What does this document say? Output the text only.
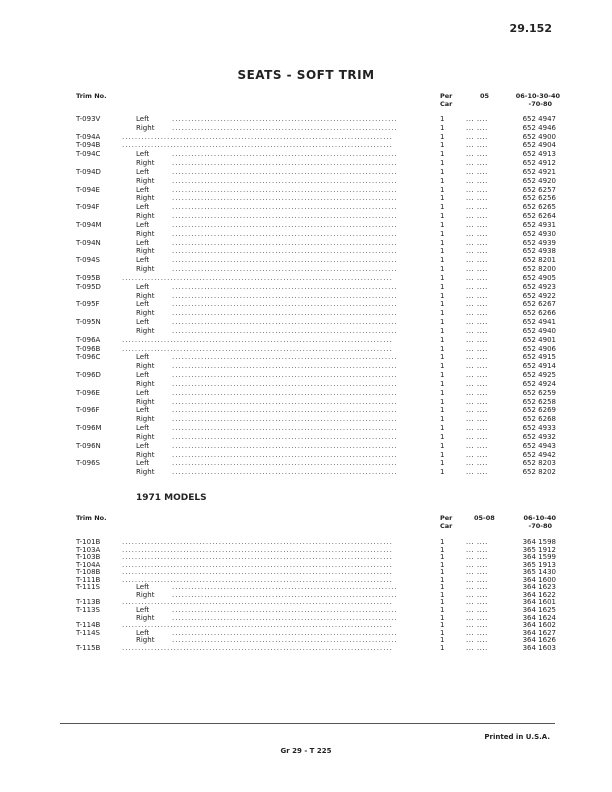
29.152
SEATS - SOFT TRIM
Trim No.	Per
Car
05	06-10-30-40
-70-80
T-093V	Left	......................................................................	1	... ....	652 4947
Right	......................................................................	1	... ....	652 4946
T-094A	....................................................................................	1	... ....	652 4900
T-094B	....................................................................................	1	... ....	652 4904
T-094C	Left	......................................................................	1	... ....	652 4913
Right	......................................................................	1	... ....	652 4912
T-094D	Left	......................................................................	1	... ....	652 4921
Right	......................................................................	1	... ....	652 4920
T-094E	Left	......................................................................	1	... ....	652 6257
Right	......................................................................	1	... ....	652 6256
T-094F	Left	......................................................................	1	... ....	652 6265
Right	......................................................................	1	... ....	652 6264
T-094M	Left	......................................................................	1	... ....	652 4931
Right	......................................................................	1	... ....	652 4930
T-094N	Left	......................................................................	1	... ....	652 4939
Right	......................................................................	1	... ....	652 4938
T-094S	Left	......................................................................	1	... ....	652 8201
Right	......................................................................	1	... ....	652 8200
T-095B	....................................................................................	1	... ....	652 4905
T-095D	Left	......................................................................	1	... ....	652 4923
Right	......................................................................	1	... ....	652 4922
T-095F	Left	......................................................................	1	... ....	652 6267
Right	......................................................................	1	... ....	652 6266
T-095N	Left	......................................................................	1	... ....	652 4941
Right	......................................................................	1	... ....	652 4940
T-096A	....................................................................................	1	... ....	652 4901
T-096B	....................................................................................	1	... ....	652 4906
T-096C	Left	......................................................................	1	... ....	652 4915
Right	......................................................................	1	... ....	652 4914
T-096D	Left	......................................................................	1	... ....	652 4925
Right	......................................................................	1	... ....	652 4924
T-096E	Left	......................................................................	1	... ....	652 6259
Right	......................................................................	1	... ....	652 6258
T-096F	Left	......................................................................	1	... ....	652 6269
Right	......................................................................	1	... ....	652 6268
T-096M	Left	......................................................................	1	... ....	652 4933
Right	......................................................................	1	... ....	652 4932
T-096N	Left	......................................................................	1	... ....	652 4943
Right	......................................................................	1	... ....	652 4942
T-096S	Left	......................................................................	1	... ....	652 8203
Right	......................................................................	1	... ....	652 8202
1971 MODELS
Trim No.	Per
Car
05-08	06-10-40
-70-80
T-101B	....................................................................................	1	... ....	364 1598
T-103A	....................................................................................	1	... ....	365 1912
T-103B	....................................................................................	1	... ....	364 1599
T-104A	....................................................................................	1	... ....	365 1913
T-108B	....................................................................................	1	... ....	365 1430
T-111B	....................................................................................	1	... ....	364 1600
T-111S	Left	......................................................................	1	... ....	364 1623
Right	......................................................................	1	... ....	364 1622
T-113B	....................................................................................	1	... ....	364 1601
T-113S	Left	......................................................................	1	... ....	364 1625
Right	......................................................................	1	... ....	364 1624
T-114B	....................................................................................	1	... ....	364 1602
T-114S	Left	......................................................................	1	... ....	364 1627
Right	......................................................................	1	... ....	364 1626
T-115B	....................................................................................	1	... ....	364 1603
Printed in U.S.A.
Gr 29 - T 225
